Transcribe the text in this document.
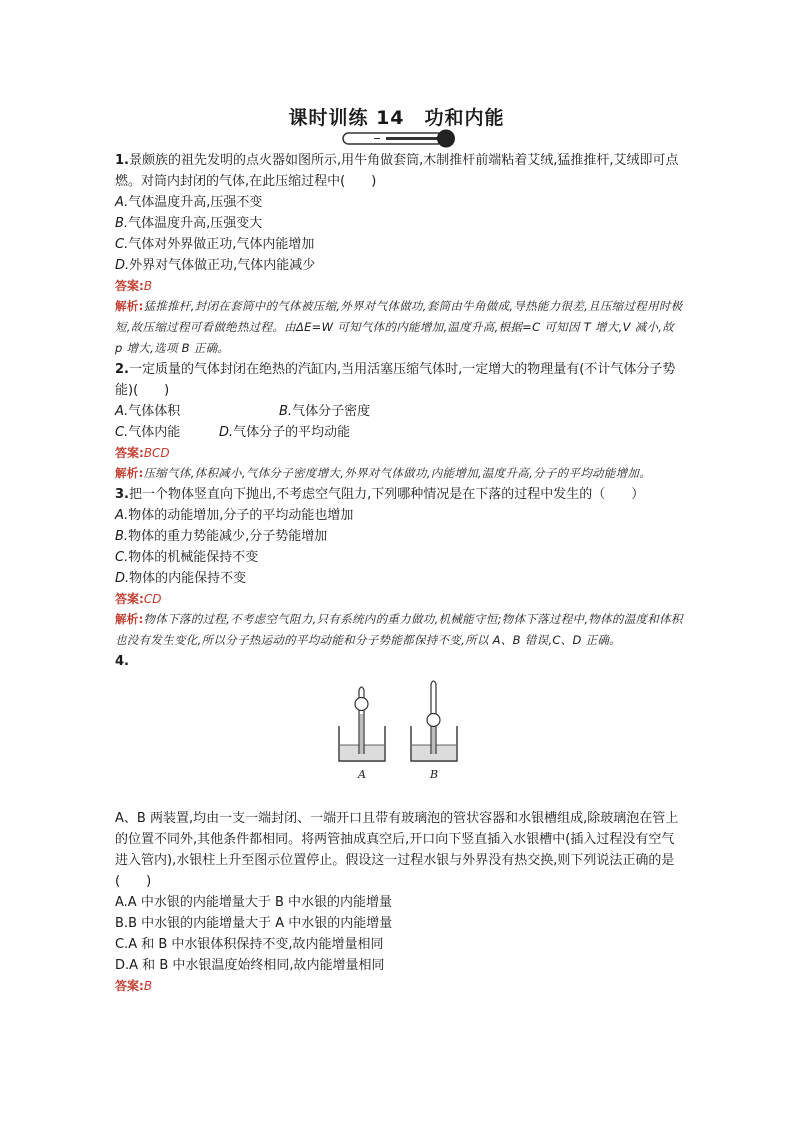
课时训练 14　功和内能
1.景颇族的祖先发明的点火器如图所示,用牛角做套筒,木制推杆前端粘着艾绒,猛推推杆,艾绒即可点燃。对筒内封闭的气体,在此压缩过程中(　　)
A.气体温度升高,压强不变
B.气体温度升高,压强变大
C.气体对外界做正功,气体内能增加
D.外界对气体做正功,气体内能减少
答案:B
解析:猛推推杆,封闭在套筒中的气体被压缩,外界对气体做功,套筒由牛角做成,导热能力很差,且压缩过程用时极短,故压缩过程可看做绝热过程。由ΔE=W 可知气体的内能增加,温度升高,根据=C 可知因 T 增大,V 减小,故 p 增大,选项 B 正确。
2.一定质量的气体封闭在绝热的汽缸内,当用活塞压缩气体时,一定增大的物理量有(不计气体分子势能)(　　)
A.气体体积	B.气体分子密度
C.气体内能	D.气体分子的平均动能
答案:BCD
解析:压缩气体,体积减小,气体分子密度增大,外界对气体做功,内能增加,温度升高,分子的平均动能增加。
3.把一个物体竖直向下抛出,不考虑空气阻力,下列哪种情况是在下落的过程中发生的（　　）
A.物体的动能增加,分子的平均动能也增加
B.物体的重力势能减少,分子势能增加
C.物体的机械能保持不变
D.物体的内能保持不变
答案:CD
解析:物体下落的过程,不考虑空气阻力,只有系统内的重力做功,机械能守恒;物体下落过程中,物体的温度和体积也没有发生变化,所以分子热运动的平均动能和分子势能都保持不变,所以 A、B 错误,C、D 正确。
4.
A	B
A、B 两装置,均由一支一端封闭、一端开口且带有玻璃泡的管状容器和水银槽组成,除玻璃泡在管上的位置不同外,其他条件都相同。将两管抽成真空后,开口向下竖直插入水银槽中(插入过程没有空气进入管内),水银柱上升至图示位置停止。假设这一过程水银与外界没有热交换,则下列说法正确的是(　　)
A.A 中水银的内能增量大于 B 中水银的内能增量
B.B 中水银的内能增量大于 A 中水银的内能增量
C.A 和 B 中水银体积保持不变,故内能增量相同
D.A 和 B 中水银温度始终相同,故内能增量相同
答案:B
